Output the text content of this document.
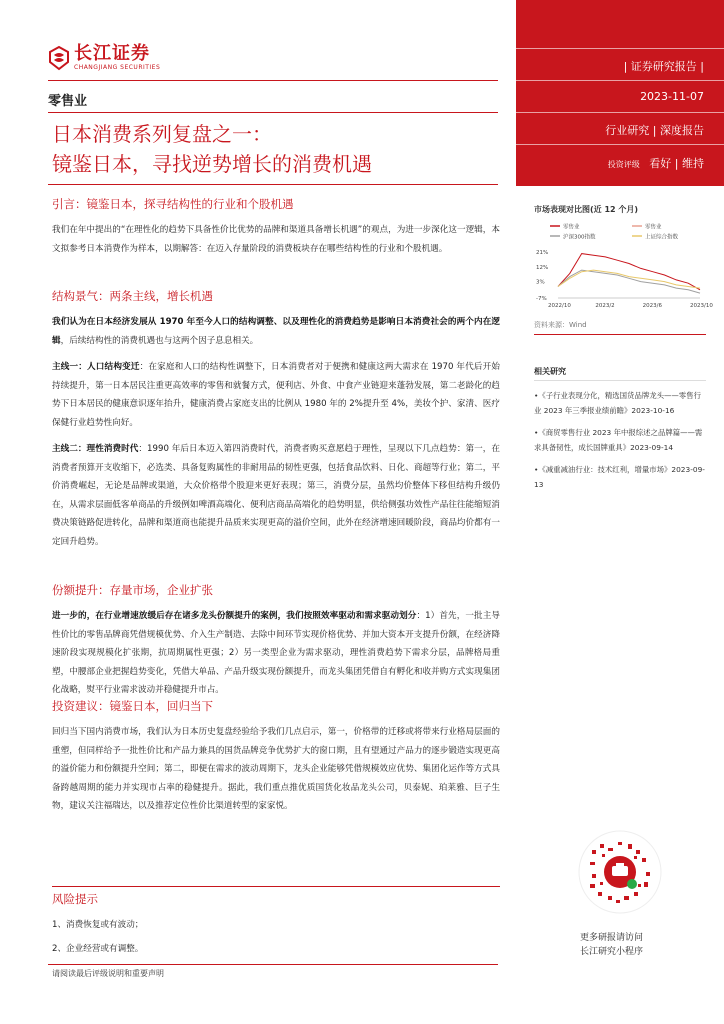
长江证券
CHANGJIANG SECURITIES
零售业
日本消费系列复盘之一：
镜鉴日本，寻找逆势增长的消费机遇
| 证券研究报告 |
2023-11-07
行业研究 | 深度报告
投资评级 看好 | 维持
市场表现对比图(近 12 个月)
零售业	零售业
沪深300指数	上证综合指数
21%
12%
3%
-7%
2022/10	2023/2	2023/6	2023/10
资料来源：Wind
相关研究
•《子行业表现分化，精选国货品牌龙头——零售行业 2023 年三季报业绩前瞻》2023-10-16
•《商贸零售行业 2023 年中报综述之品牌篇——需求具备韧性，成长国牌重具》2023-09-14
•《减重减油行业：技术红利，增量市场》2023-09-13
更多研报请访问
长江研究小程序
引言：镜鉴日本，探寻结构性的行业和个股机遇

我们在年中提出的“在理性化的趋势下具备性价比优势的品牌和渠道具备增长机遇”的观点，为进一步深化这一逻辑，本文拟参考日本消费作为样本，以期解答：在迈入存量阶段的消费板块存在哪些结构性的行业和个股机遇。

结构景气：两条主线，增长机遇

我们认为在日本经济发展从 1970 年至今人口的结构调整、以及理性化的消费趋势是影响日本消费社会的两个内在逻辑，后续结构性的消费机遇也与这两个因子息息相关。

主线一：人口结构变迁：在家庭和人口的结构性调整下，日本消费者对于便携和健康这两大需求在 1970 年代后开始持续提升，第一日本居民注重更高效率的零售和就餐方式，便利店、外食、中食产业链迎来蓬勃发展，第二老龄化的趋势下日本居民的健康意识逐年抬升，健康消费占家庭支出的比例从 1980 年的 2%提升至 4%，美妆个护、家清、医疗保健行业趋势性向好。

主线二：理性消费时代：1990 年后日本迈入第四消费时代，消费者购买意愿趋于理性，呈现以下几点趋势：第一，在消费者预算开支收缩下，必选类、具备复购属性的非耐用品的韧性更强，包括食品饮料、日化、商超等行业；第二，平价消费崛起，无论是品牌或渠道，大众价格带个股迎来更好表现；第三，消费分层，虽然均价整体下移但结构升级仍在，从需求层面低客单商品的升级例如啤酒高端化、便利店商品高端化的趋势明显，供给侧强功效性产品往往能缩短消费决策链路促进转化，品牌和渠道商也能提升品质来实现更高的溢价空间，此外在经济增速回暖阶段，商品均价都有一定回升趋势。

份额提升：存量市场，企业扩张

进一步的，在行业增速放缓后存在诸多龙头份额提升的案例，我们按照效率驱动和需求驱动划分：1）首先，一批主导性价比的零售品牌商凭借规模优势、介入生产制造、去除中间环节实现价格优势、并加大资本开支提升份额，在经济降速阶段实现规模化扩张期，抗周期属性更强；2）另一类型企业为需求驱动，理性消费趋势下需求分层，品牌格局重塑，中腰部企业把握趋势变化，凭借大单品、产品升级实现份额提升，而龙头集团凭借自有孵化和收并购方式实现集团化战略，熨平行业需求波动并稳健提升市占。

投资建议：镜鉴日本，回归当下

回归当下国内消费市场，我们认为日本历史复盘经验给予我们几点启示，第一，价格带的迁移或将带来行业格局层面的重塑，但同样给予一批性价比和产品力兼具的国货品牌竞争优势扩大的窗口期，且有望通过产品力的逐步锻造实现更高的溢价能力和份额提升空间；第二，即便在需求的波动周期下，龙头企业能够凭借规模效应优势、集团化运作等方式具备跨越周期的能力并实现市占率的稳健提升。据此，我们重点推优质国货化妆品龙头公司，贝泰妮、珀莱雅、巨子生物，建议关注福瑞达，以及推荐定位性价比渠道转型的家家悦。

风险提示
1、消费恢复或有波动；
2、企业经营或有调整。
请阅读最后评级说明和重要声明
